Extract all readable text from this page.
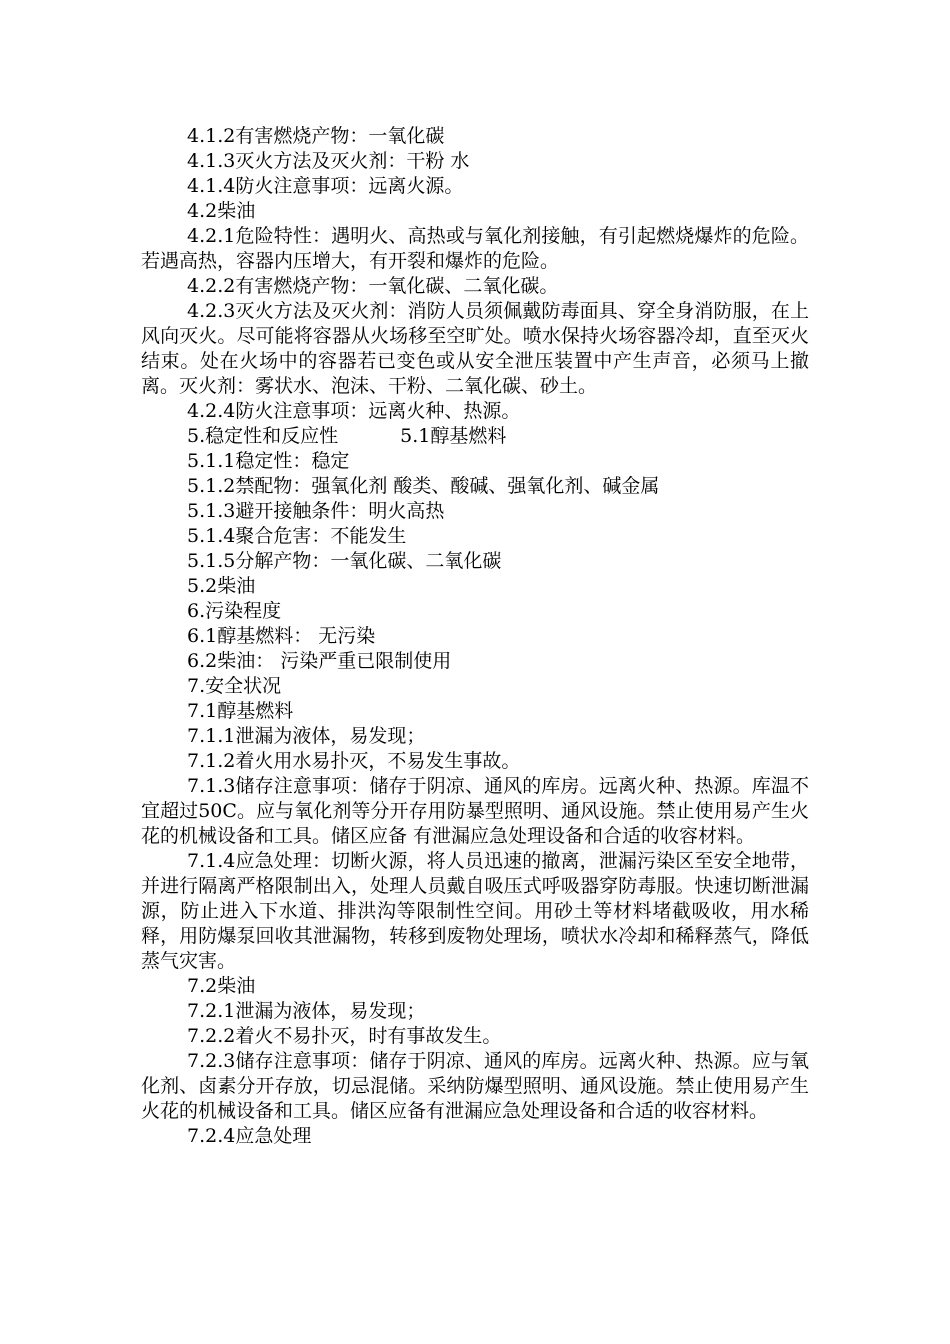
4.1.2有害燃烧产物：一氧化碳
4.1.3灭火方法及灭火剂：干粉 水
4.1.4防火注意事项：远离火源。
4.2柴油
4.2.1危险特性：遇明火、高热或与氧化剂接触，有引起燃烧爆炸的危险。若遇高热，容器内压增大，有开裂和爆炸的危险。
4.2.2有害燃烧产物：一氧化碳、二氧化碳。
4.2.3灭火方法及灭火剂：消防人员须佩戴防毒面具、穿全身消防服，在上风向灭火。尽可能将容器从火场移至空旷处。喷水保持火场容器冷却，直至灭火结束。处在火场中的容器若已变色或从安全泄压装置中产生声音，必须马上撤离。灭火剂：雾状水、泡沫、干粉、二氧化碳、砂土。
4.2.4防火注意事项：远离火种、热源。
5.稳定性和反应性	5.1醇基燃料
5.1.1稳定性：稳定
5.1.2禁配物：强氧化剂 酸类、酸碱、强氧化剂、碱金属
5.1.3避开接触条件：明火高热
5.1.4聚合危害：不能发生
5.1.5分解产物：一氧化碳、二氧化碳
5.2柴油
6.污染程度
6.1醇基燃料： 无污染
6.2柴油： 污染严重已限制使用
7.安全状况
7.1醇基燃料
7.1.1泄漏为液体，易发现；
7.1.2着火用水易扑灭，不易发生事故。
7.1.3储存注意事项：储存于阴凉、通风的库房。远离火种、热源。库温不宜超过50C。应与氧化剂等分开存用防暴型照明、通风设施。禁止使用易产生火花的机械设备和工具。储区应备 有泄漏应急处理设备和合适的收容材料。
7.1.4应急处理：切断火源，将人员迅速的撤离，泄漏污染区至安全地带，并进行隔离严格限制出入，处理人员戴自吸压式呼吸器穿防毒服。快速切断泄漏源，防止进入下水道、排洪沟等限制性空间。用砂土等材料堵截吸收，用水稀释，用防爆泵回收其泄漏物，转移到废物处理场，喷状水冷却和稀释蒸气，降低蒸气灾害。
7.2柴油
7.2.1泄漏为液体，易发现；
7.2.2着火不易扑灭，时有事故发生。
7.2.3储存注意事项：储存于阴凉、通风的库房。远离火种、热源。应与氧化剂、卤素分开存放，切忌混储。采纳防爆型照明、通风设施。禁止使用易产生火花的机械设备和工具。储区应备有泄漏应急处理设备和合适的收容材料。
7.2.4应急处理
